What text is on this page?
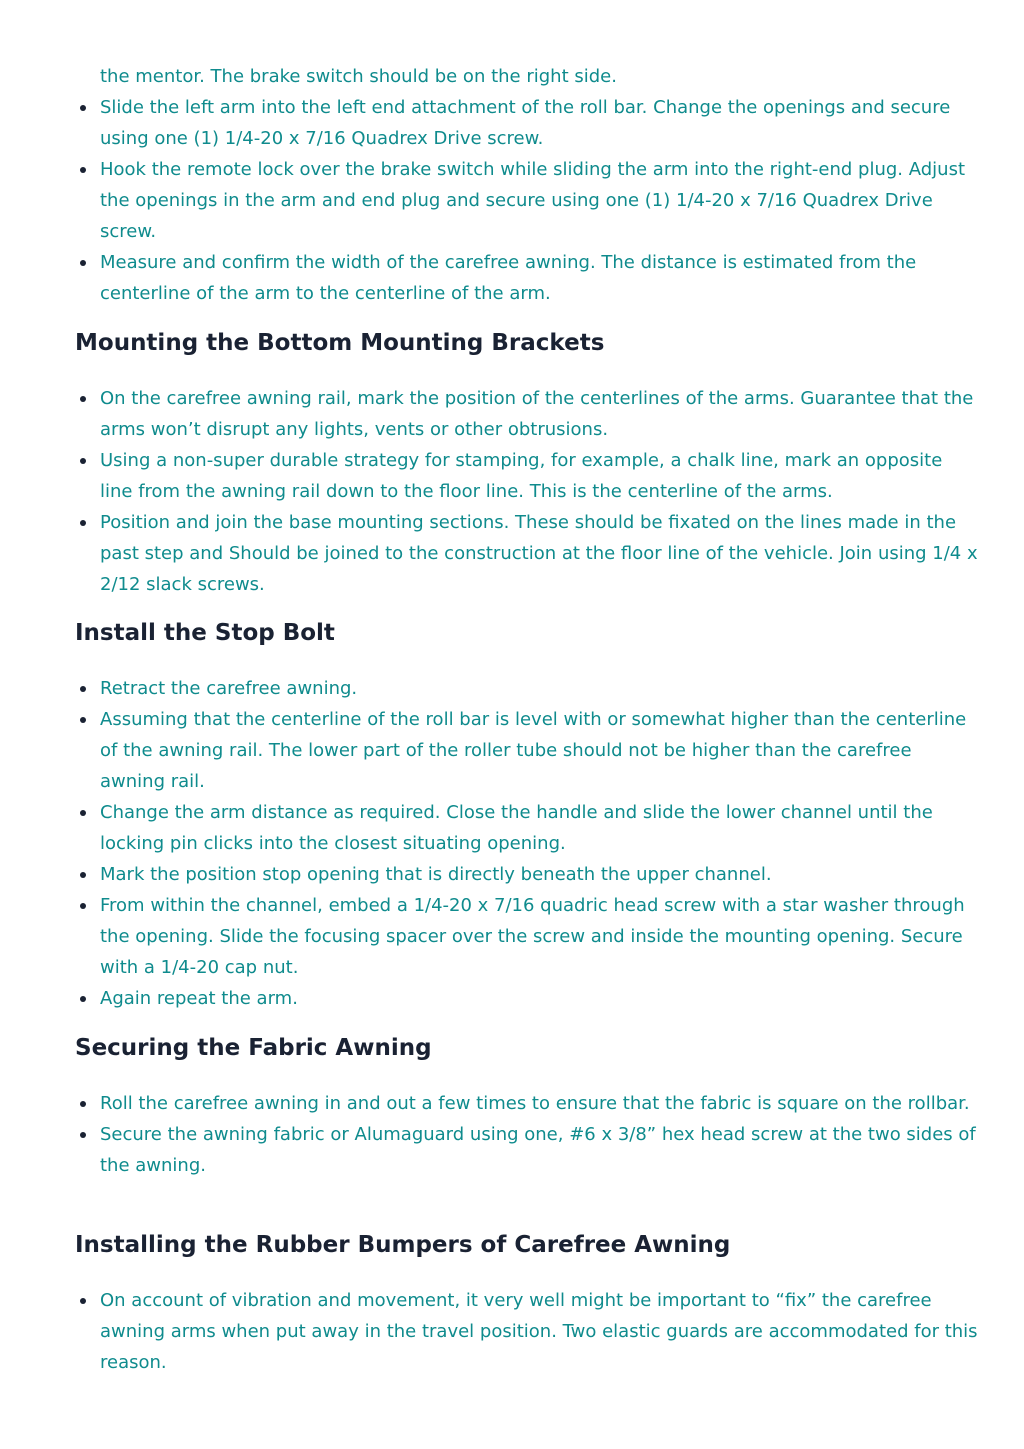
the mentor. The brake switch should be on the right side.

Slide the left arm into the left end attachment of the roll bar. Change the openings and secure using one (1) 1/4-20 x 7/16 Quadrex Drive screw.
Hook the remote lock over the brake switch while sliding the arm into the right-end plug. Adjust the openings in the arm and end plug and secure using one (1) 1/4-20 x 7/16 Quadrex Drive screw.
Measure and confirm the width of the carefree awning. The distance is estimated from the centerline of the arm to the centerline of the arm.
Mounting the Bottom Mounting Brackets
On the carefree awning rail, mark the position of the centerlines of the arms. Guarantee that the arms won’t disrupt any lights, vents or other obtrusions.
Using a non-super durable strategy for stamping, for example, a chalk line, mark an opposite line from the awning rail down to the floor line. This is the centerline of the arms.
Position and join the base mounting sections. These should be fixated on the lines made in the past step and Should be joined to the construction at the floor line of the vehicle. Join using 1/4 x 2/12 slack screws.
Install the Stop Bolt
Retract the carefree awning.
Assuming that the centerline of the roll bar is level with or somewhat higher than the centerline of the awning rail. The lower part of the roller tube should not be higher than the carefree awning rail.
Change the arm distance as required. Close the handle and slide the lower channel until the locking pin clicks into the closest situating opening.
Mark the position stop opening that is directly beneath the upper channel.
From within the channel, embed a 1/4-20 x 7/16 quadric head screw with a star washer through the opening. Slide the focusing spacer over the screw and inside the mounting opening. Secure with a 1/4-20 cap nut.
Again repeat the arm.
Securing the Fabric Awning
Roll the carefree awning in and out a few times to ensure that the fabric is square on the rollbar.
Secure the awning fabric or Alumaguard using one, #6 x 3/8” hex head screw at the two sides of the awning.
Installing the Rubber Bumpers of Carefree Awning
On account of vibration and movement, it very well might be important to “fix” the carefree awning arms when put away in the travel position. Two elastic guards are accommodated for this reason.
